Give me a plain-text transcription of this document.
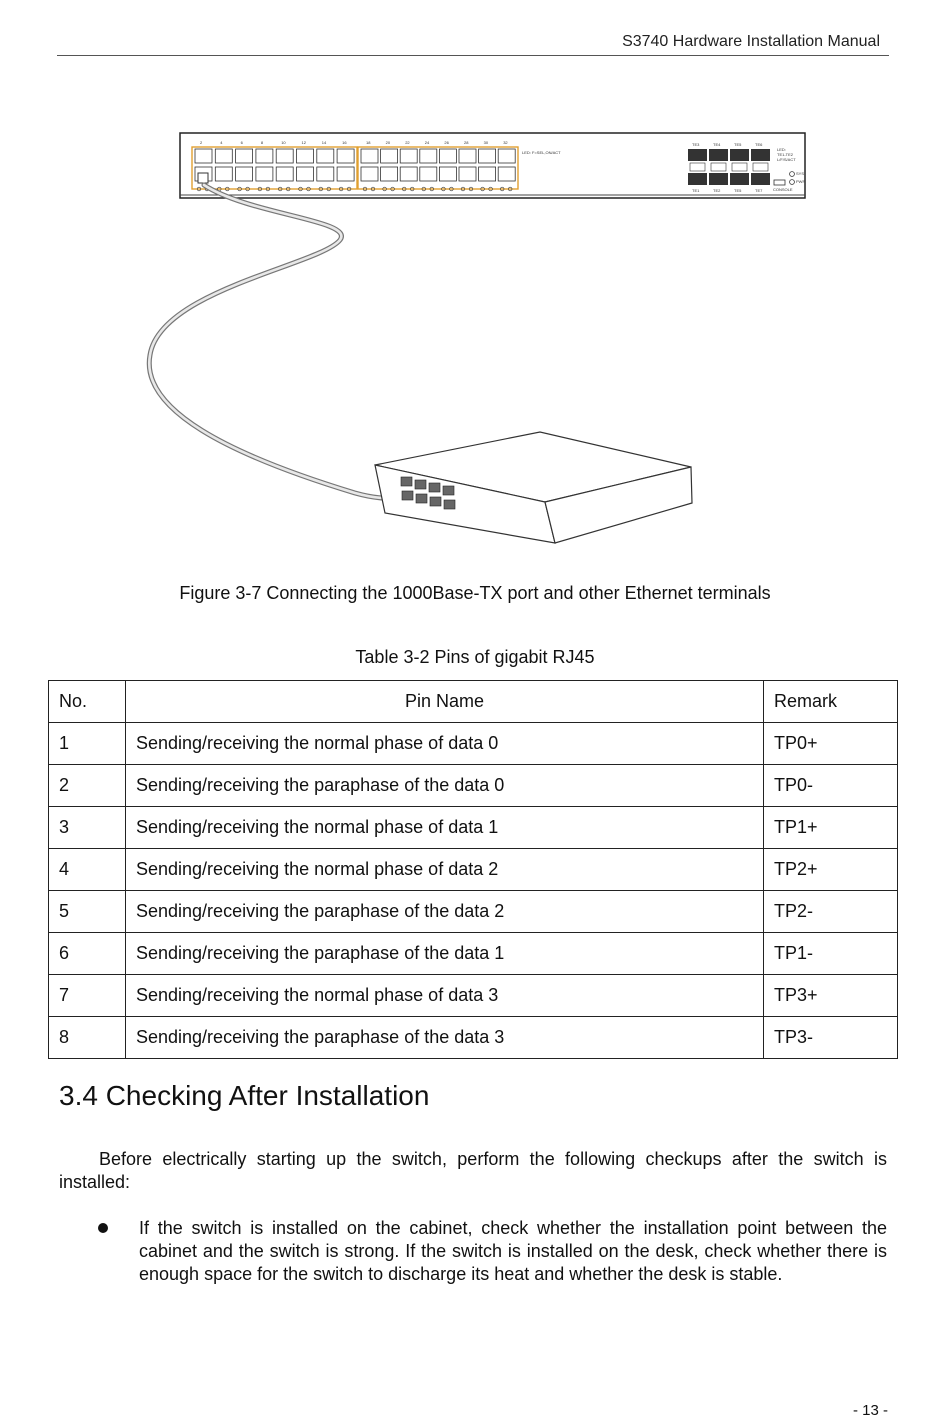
S3740 Hardware Installation Manual
2	4	6	8	10	12	14	16	18	20	22	24	26	28	30	32
LED: F=SEL,ON/ACT
TE3
TE1
TE4
TE2
TE5
TE5
TE6
TE7
LED:
TE1-TE2
L/F/S/ACT
SYS
PWR
CONSOLE
Figure 3-7 Connecting the 1000Base-TX port and other Ethernet terminals
Table 3-2 Pins of gigabit RJ45
No.	Pin Name	Remark
1	Sending/receiving the normal phase of data 0	TP0+
2	Sending/receiving the paraphase of the data 0	TP0-
3	Sending/receiving the normal phase of data 1	TP1+
4	Sending/receiving the normal phase of data 2	TP2+
5	Sending/receiving the paraphase of the data 2	TP2-
6	Sending/receiving the paraphase of the data 1	TP1-
7	Sending/receiving the normal phase of data 3	TP3+
8	Sending/receiving the paraphase of the data 3	TP3-
3.4 Checking After Installation
Before electrically starting up the switch, perform the following checkups after the switch is installed:
If the switch is installed on the cabinet, check whether the installation point between the cabinet and the switch is strong. If the switch is installed on the desk, check whether there is enough space for the switch to discharge its heat and whether the desk is stable.
- 13 -
